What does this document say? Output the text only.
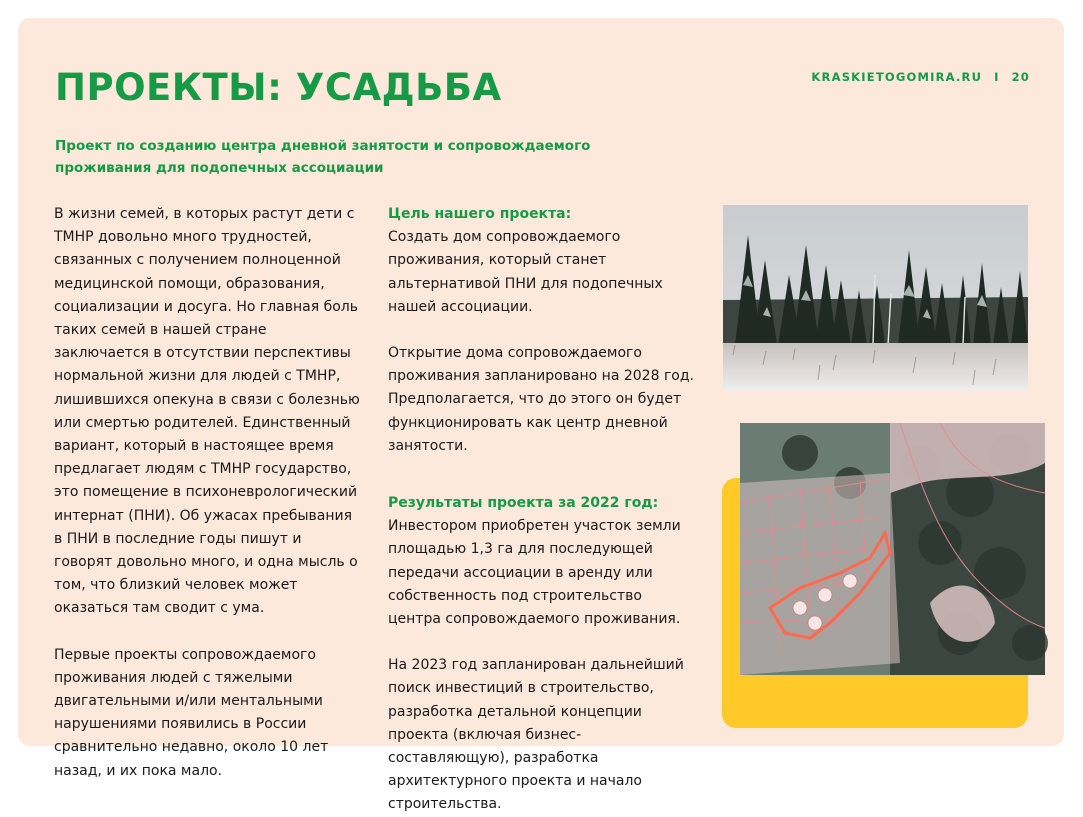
ПРОЕКТЫ: УСАДЬБА	KRASKIETOGOMIRA.RU I 20

Проект по созданию центра дневной занятости и сопровождаемого проживания для подопечных ассоциации

В жизни семей, в которых растут дети с ТМНР довольно много трудностей, связанных с получением полноценной медицинской помощи, образования, социализации и досуга. Но главная боль таких семей в нашей стране заключается в отсутствии перспективы нормальной жизни для людей с ТМНР, лишившихся опекуна в связи с болезнью или смертью родителей. Единственный вариант, который в настоящее время предлагает людям с ТМНР государство, это помещение в психоневрологический интернат (ПНИ). Об ужасах пребывания в ПНИ в последние годы пишут и говорят довольно много, и одна мысль о том, что близкий человек может оказаться там сводит с ума.

Первые проекты сопровождаемого проживания людей с тяжелыми двигательными и/или ментальными нарушениями появились в России сравнительно недавно, около 10 лет назад, и их пока мало.

Цель нашего проекта:

Создать дом сопровождаемого проживания, который станет альтернативой ПНИ для подопечных нашей ассоциации.

Открытие дома сопровождаемого проживания запланировано на 2028 год. Предполагается, что до этого он будет функционировать как центр дневной занятости.

Результаты проекта за 2022 год:

Инвестором приобретен участок земли площадью 1,3 га для последующей передачи ассоциации в аренду или собственность под строительство центра сопровождаемого проживания.

На 2023 год запланирован дальнейший поиск инвестиций в строительство, разработка детальной концепции проекта (включая бизнес-составляющую), разработка архитектурного проекта и начало строительства.
